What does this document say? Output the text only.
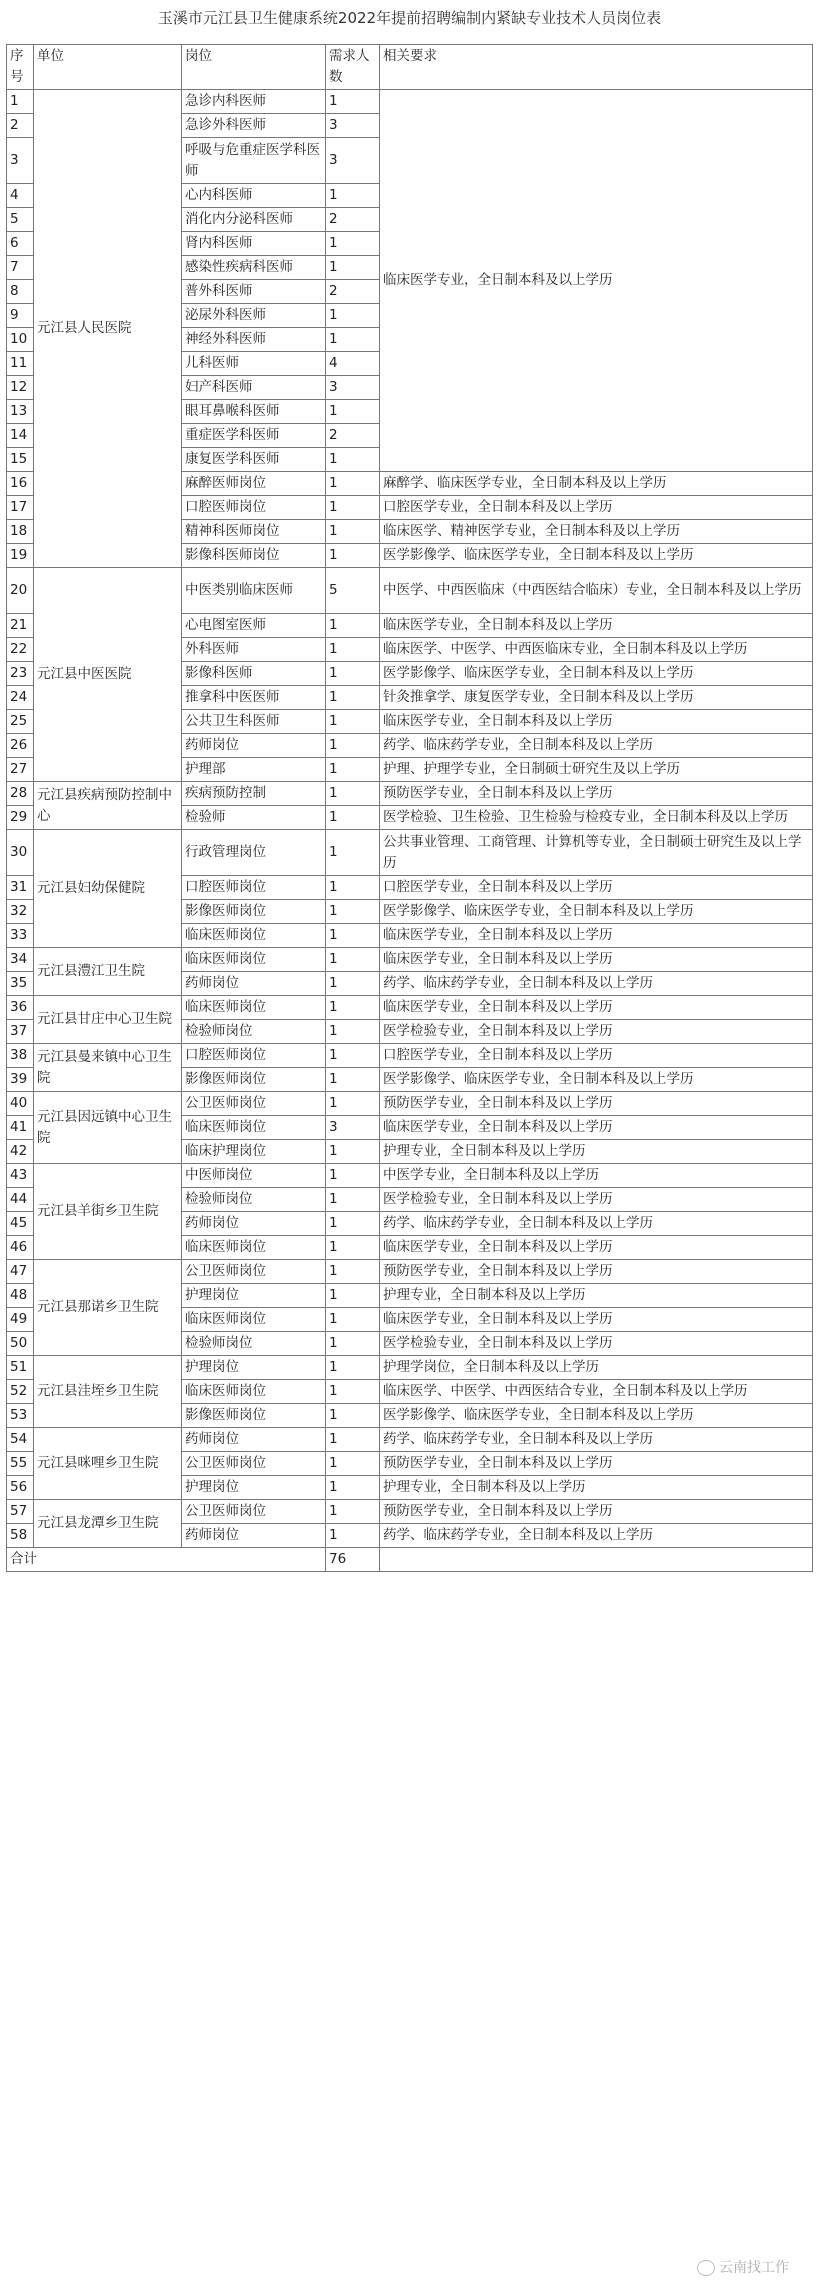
玉溪市元江县卫生健康系统2022年提前招聘编制内紧缺专业技术人员岗位表
序号	单位	岗位	需求人数	相关要求
1	元江县人民医院	急诊内科医师	1	临床医学专业，全日制本科及以上学历
2		急诊外科医师	3	
3		呼吸与危重症医学科医师	3	
4		心内科医师	1	
5		消化内分泌科医师	2	
6		肾内科医师	1	
7		感染性疾病科医师	1	
8		普外科医师	2	
9		泌尿外科医师	1	
10		神经外科医师	1	
11		儿科医师	4	
12		妇产科医师	3	
13		眼耳鼻喉科医师	1	
14		重症医学科医师	2	
15		康复医学科医师	1	
16		麻醉医师岗位	1	麻醉学、临床医学专业，全日制本科及以上学历
17		口腔医师岗位	1	口腔医学专业，全日制本科及以上学历
18		精神科医师岗位	1	临床医学、精神医学专业，全日制本科及以上学历
19		影像科医师岗位	1	医学影像学、临床医学专业，全日制本科及以上学历
20	元江县中医医院	中医类别临床医师	5	中医学、中西医临床（中西医结合临床）专业，全日制本科及以上学历
21		心电图室医师	1	临床医学专业，全日制本科及以上学历
22		外科医师	1	临床医学、中医学、中西医临床专业，全日制本科及以上学历
23		影像科医师	1	医学影像学、临床医学专业，全日制本科及以上学历
24		推拿科中医医师	1	针灸推拿学、康复医学专业，全日制本科及以上学历
25		公共卫生科医师	1	临床医学专业，全日制本科及以上学历
26		药师岗位	1	药学、临床药学专业，全日制本科及以上学历
27		护理部	1	护理、护理学专业，全日制硕士研究生及以上学历
28	元江县疾病预防控制中心	疾病预防控制	1	预防医学专业，全日制本科及以上学历
29		检验师	1	医学检验、卫生检验、卫生检验与检疫专业，全日制本科及以上学历
30	元江县妇幼保健院	行政管理岗位	1	公共事业管理、工商管理、计算机等专业，全日制硕士研究生及以上学历
31		口腔医师岗位	1	口腔医学专业，全日制本科及以上学历
32		影像医师岗位	1	医学影像学、临床医学专业，全日制本科及以上学历
33		临床医师岗位	1	临床医学专业，全日制本科及以上学历
34	元江县澧江卫生院	临床医师岗位	1	临床医学专业，全日制本科及以上学历
35		药师岗位	1	药学、临床药学专业，全日制本科及以上学历
36	元江县甘庄中心卫生院	临床医师岗位	1	临床医学专业，全日制本科及以上学历
37		检验师岗位	1	医学检验专业，全日制本科及以上学历
38	元江县曼来镇中心卫生院	口腔医师岗位	1	口腔医学专业，全日制本科及以上学历
39		影像医师岗位	1	医学影像学、临床医学专业，全日制本科及以上学历
40	元江县因远镇中心卫生院	公卫医师岗位	1	预防医学专业，全日制本科及以上学历
41		临床医师岗位	3	临床医学专业，全日制本科及以上学历
42		临床护理岗位	1	护理专业，全日制本科及以上学历
43	元江县羊街乡卫生院	中医师岗位	1	中医学专业，全日制本科及以上学历
44		检验师岗位	1	医学检验专业，全日制本科及以上学历
45		药师岗位	1	药学、临床药学专业，全日制本科及以上学历
46		临床医师岗位	1	临床医学专业，全日制本科及以上学历
47	元江县那诺乡卫生院	公卫医师岗位	1	预防医学专业，全日制本科及以上学历
48		护理岗位	1	护理专业，全日制本科及以上学历
49		临床医师岗位	1	临床医学专业，全日制本科及以上学历
50		检验师岗位	1	医学检验专业，全日制本科及以上学历
51	元江县洼垤乡卫生院	护理岗位	1	护理学岗位，全日制本科及以上学历
52		临床医师岗位	1	临床医学、中医学、中西医结合专业，全日制本科及以上学历
53		影像医师岗位	1	医学影像学、临床医学专业，全日制本科及以上学历
54	元江县咪哩乡卫生院	药师岗位	1	药学、临床药学专业，全日制本科及以上学历
55		公卫医师岗位	1	预防医学专业，全日制本科及以上学历
56		护理岗位	1	护理专业，全日制本科及以上学历
57	元江县龙潭乡卫生院	公卫医师岗位	1	预防医学专业，全日制本科及以上学历
58		药师岗位	1	药学、临床药学专业，全日制本科及以上学历
合计			76	
云南找工作
